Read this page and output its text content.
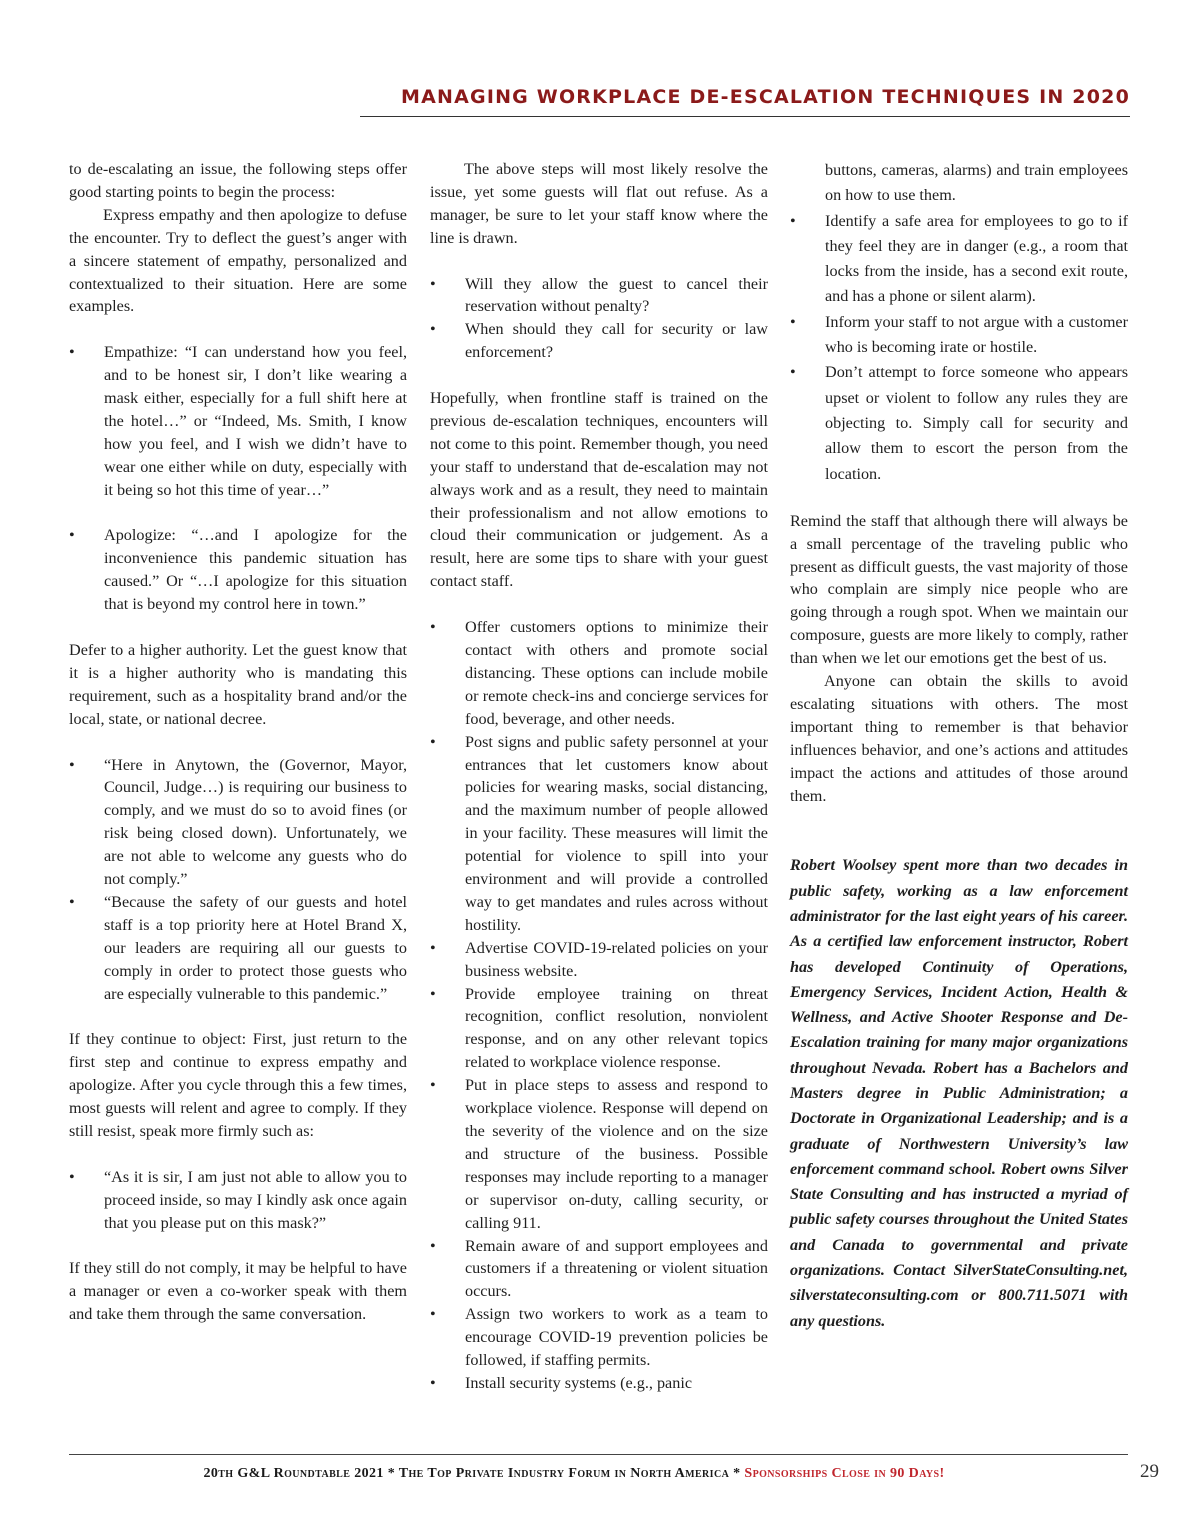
MANAGING WORKPLACE DE-ESCALATION TECHNIQUES IN 2020

to de-escalating an issue, the following steps offer good starting points to begin the process:

Express empathy and then apologize to defuse the encounter. Try to deflect the guest’s anger with a sincere statement of empathy, personalized and contextualized to their situation. Here are some examples.

• Empathize: “I can understand how you feel, and to be honest sir, I don’t like wearing a mask either, especially for a full shift here at the hotel…” or “Indeed, Ms. Smith, I know how you feel, and I wish we didn’t have to wear one either while on duty, especially with it being so hot this time of year…”
• Apologize: “…and I apologize for the inconvenience this pandemic situation has caused.” Or “…I apologize for this situation that is beyond my control here in town.”

Defer to a higher authority. Let the guest know that it is a higher authority who is mandating this requirement, such as a hospitality brand and/or the local, state, or national decree.

• “Here in Anytown, the (Governor, Mayor, Council, Judge…) is requiring our business to comply, and we must do so to avoid fines (or risk being closed down). Unfortunately, we are not able to welcome any guests who do not comply.”
• “Because the safety of our guests and hotel staff is a top priority here at Hotel Brand X, our leaders are requiring all our guests to comply in order to protect those guests who are especially vulnerable to this pandemic.”

If they continue to object: First, just return to the first step and continue to express empathy and apologize. After you cycle through this a few times, most guests will relent and agree to comply. If they still resist, speak more firmly such as:

• “As it is sir, I am just not able to allow you to proceed inside, so may I kindly ask once again that you please put on this mask?”

If they still do not comply, it may be helpful to have a manager or even a co-worker speak with them and take them through the same conversation.

The above steps will most likely resolve the issue, yet some guests will flat out refuse. As a manager, be sure to let your staff know where the line is drawn.

• Will they allow the guest to cancel their reservation without penalty?
• When should they call for security or law enforcement?

Hopefully, when frontline staff is trained on the previous de-escalation techniques, encounters will not come to this point. Remember though, you need your staff to understand that de-escalation may not always work and as a result, they need to maintain their professionalism and not allow emotions to cloud their communication or judgement. As a result, here are some tips to share with your guest contact staff.

• Offer customers options to minimize their contact with others and promote social distancing. These options can include mobile or remote check-ins and concierge services for food, beverage, and other needs.
• Post signs and public safety personnel at your entrances that let customers know about policies for wearing masks, social distancing, and the maximum number of people allowed in your facility. These measures will limit the potential for violence to spill into your environment and will provide a controlled way to get mandates and rules across without hostility.
• Advertise COVID-19-related policies on your business website.
• Provide employee training on threat recognition, conflict resolution, nonviolent response, and on any other relevant topics related to workplace violence response.
• Put in place steps to assess and respond to workplace violence. Response will depend on the severity of the violence and on the size and structure of the business. Possible responses may include reporting to a manager or supervisor on-duty, calling security, or calling 911.
• Remain aware of and support employees and customers if a threatening or violent situation occurs.
• Assign two workers to work as a team to encourage COVID-19 prevention policies be followed, if staffing permits.
• Install security systems (e.g., panic
buttons, cameras, alarms) and train employees on how to use them.
• Identify a safe area for employees to go to if they feel they are in danger (e.g., a room that locks from the inside, has a second exit route, and has a phone or silent alarm).
• Inform your staff to not argue with a customer who is becoming irate or hostile.
• Don’t attempt to force someone who appears upset or violent to follow any rules they are objecting to. Simply call for security and allow them to escort the person from the location.

Remind the staff that although there will always be a small percentage of the traveling public who present as difficult guests, the vast majority of those who complain are simply nice people who are going through a rough spot. When we maintain our composure, guests are more likely to comply, rather than when we let our emotions get the best of us.

Anyone can obtain the skills to avoid escalating situations with others. The most important thing to remember is that behavior influences behavior, and one’s actions and attitudes impact the actions and attitudes of those around them.

Robert Woolsey spent more than two decades in public safety, working as a law enforcement administrator for the last eight years of his career. As a certified law enforcement instructor, Robert has developed Continuity of Operations, Emergency Services, Incident Action, Health & Wellness, and Active Shooter Response and De-Escalation training for many major organizations throughout Nevada. Robert has a Bachelors and Masters degree in Public Administration; a Doctorate in Organizational Leadership; and is a graduate of Northwestern University’s law enforcement command school. Robert owns Silver State Consulting and has instructed a myriad of public safety courses throughout the United States and Canada to governmental and private organizations. Contact SilverStateConsulting.net, silverstateconsulting.com or 800.711.5071 with any questions.

20th G&L Roundtable 2021 * The Top Private Industry Forum in North America * Sponsorships Close in 90 Days!	29
